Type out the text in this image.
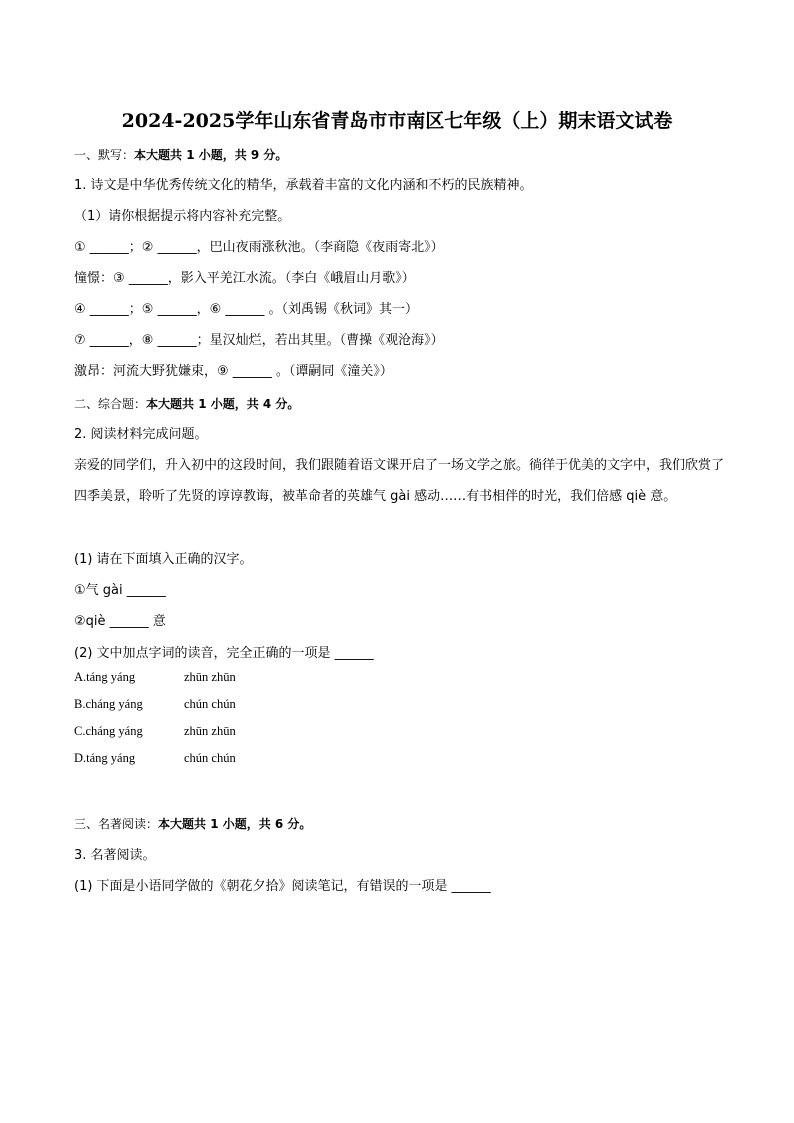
2024-2025学年山东省青岛市市南区七年级（上）期末语文试卷
一、默写：本大题共 1 小题，共 9 分。
1. 诗文是中华优秀传统文化的精华，承载着丰富的文化内涵和不朽的民族精神。
（1）请你根据提示将内容补充完整。
① ______；② ______，巴山夜雨涨秋池。（李商隐《夜雨寄北》）
憧憬：③ ______，影入平羌江水流。（李白《峨眉山月歌》）
④ ______；⑤ ______，⑥ ______ 。（刘禹锡《秋词》其一）
⑦ ______，⑧ ______；星汉灿烂，若出其里。（曹操《观沧海》）
激昂：河流大野犹嫌束，⑨ ______ 。（谭嗣同《潼关》）
二、综合题：本大题共 1 小题，共 4 分。
2. 阅读材料完成问题。
亲爱的同学们，升入初中的这段时间，我们跟随着语文课开启了一场文学之旅。徜徉于优美的文字中，我们欣赏了四季美景，聆听了先贤的谆谆教诲，被革命者的英雄气 gài 感动……有书相伴的时光，我们倍感 qiè 意。
(1) 请在下面填入正确的汉字。
①气 gài ______
②qiè ______ 意
(2) 文中加点字词的读音，完全正确的一项是 ______
A.táng yáng	zhūn zhūn
B.cháng yáng	chún chún
C.cháng yáng	zhūn zhūn
D.táng yáng	chún chún
三、名著阅读：本大题共 1 小题，共 6 分。
3. 名著阅读。
(1) 下面是小语同学做的《朝花夕拾》阅读笔记，有错误的一项是 ______
